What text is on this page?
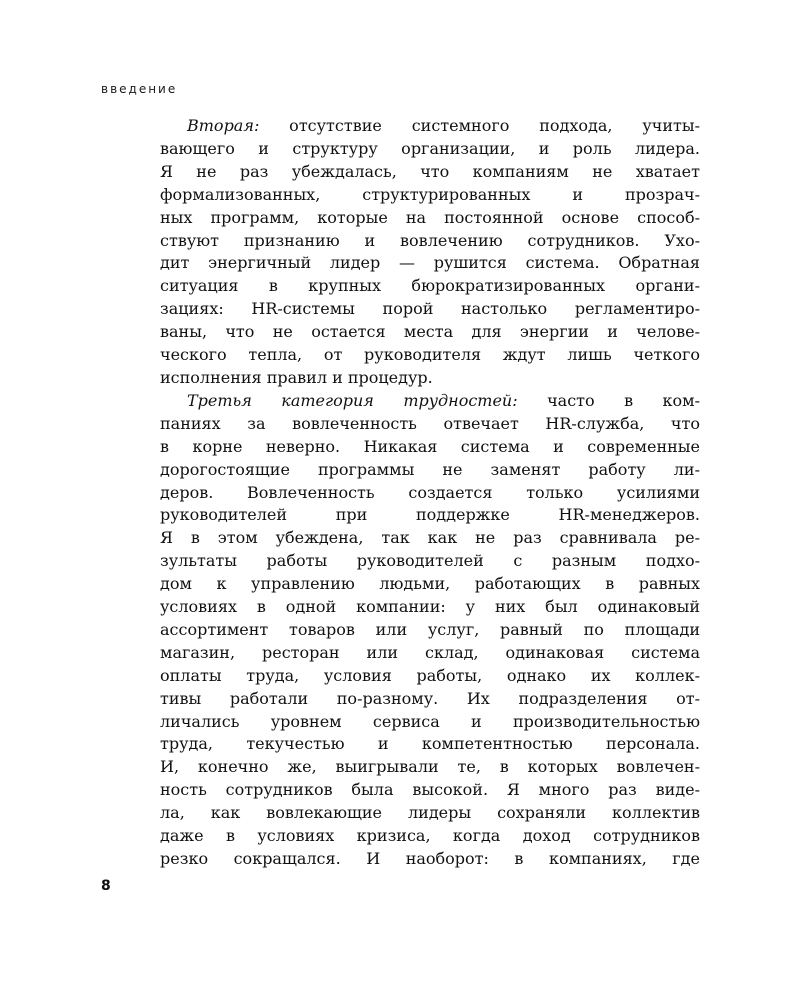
введение
Вторая: отсутствие системного подхода, учиты-
вающего и структуру организации, и роль лидера.
Я не раз убеждалась, что компаниям не хватает
формализованных, структурированных и прозрач-
ных программ, которые на постоянной основе способ-
ствуют признанию и вовлечению сотрудников. Ухо-
дит энергичный лидер — рушится система. Обратная
ситуация в крупных бюрократизированных органи-
зациях: HR-системы порой настолько регламентиро-
ваны, что не остается места для энергии и челове-
ческого тепла, от руководителя ждут лишь четкого
исполнения правил и процедур.
Третья категория трудностей: часто в ком-
паниях за вовлеченность отвечает HR-служба, что
в корне неверно. Никакая система и современные
дорогостоящие программы не заменят работу ли-
деров. Вовлеченность создается только усилиями
руководителей при поддержке HR-менеджеров.
Я в этом убеждена, так как не раз сравнивала ре-
зультаты работы руководителей с разным подхо-
дом к управлению людьми, работающих в равных
условиях в одной компании: у них был одинаковый
ассортимент товаров или услуг, равный по площади
магазин, ресторан или склад, одинаковая система
оплаты труда, условия работы, однако их коллек-
тивы работали по-разному. Их подразделения от-
личались уровнем сервиса и производительностью
труда, текучестью и компетентностью персонала.
И, конечно же, выигрывали те, в которых вовлечен-
ность сотрудников была высокой. Я много раз виде-
ла, как вовлекающие лидеры сохраняли коллектив
даже в условиях кризиса, когда доход сотрудников
резко сокращался. И наоборот: в компаниях, где
8
